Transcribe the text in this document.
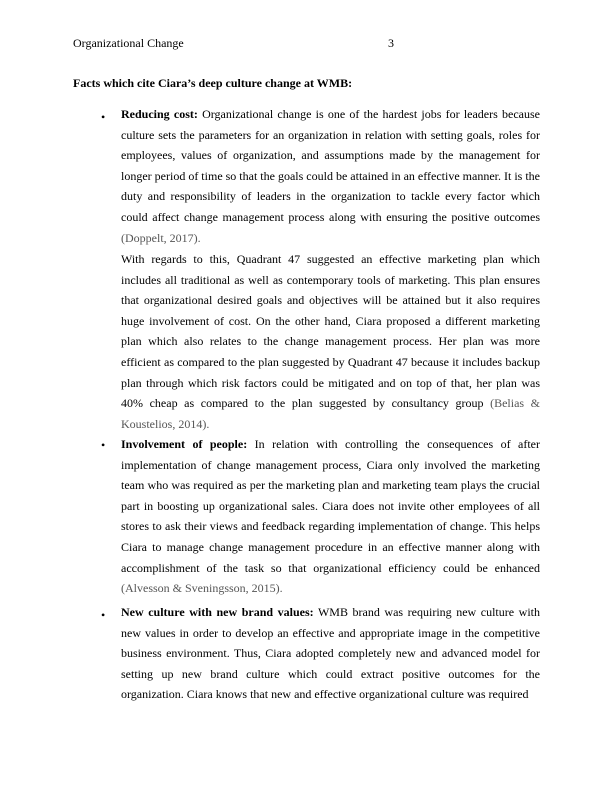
Organizational Change	3
Facts which cite Ciara’s deep culture change at WMB:
• Reducing cost: Organizational change is one of the hardest jobs for leaders because culture sets the parameters for an organization in relation with setting goals, roles for employees, values of organization, and assumptions made by the management for longer period of time so that the goals could be attained in an effective manner. It is the duty and responsibility of leaders in the organization to tackle every factor which could affect change management process along with ensuring the positive outcomes (Doppelt, 2017).
With regards to this, Quadrant 47 suggested an effective marketing plan which includes all traditional as well as contemporary tools of marketing. This plan ensures that organizational desired goals and objectives will be attained but it also requires huge involvement of cost. On the other hand, Ciara proposed a different marketing plan which also relates to the change management process. Her plan was more efficient as compared to the plan suggested by Quadrant 47 because it includes backup plan through which risk factors could be mitigated and on top of that, her plan was 40% cheap as compared to the plan suggested by consultancy group (Belias & Koustelios, 2014).
• Involvement of people: In relation with controlling the consequences of after implementation of change management process, Ciara only involved the marketing team who was required as per the marketing plan and marketing team plays the crucial part in boosting up organizational sales. Ciara does not invite other employees of all stores to ask their views and feedback regarding implementation of change. This helps Ciara to manage change management procedure in an effective manner along with accomplishment of the task so that organizational efficiency could be enhanced (Alvesson & Sveningsson, 2015).
• New culture with new brand values: WMB brand was requiring new culture with new values in order to develop an effective and appropriate image in the competitive business environment. Thus, Ciara adopted completely new and advanced model for setting up new brand culture which could extract positive outcomes for the organization. Ciara knows that new and effective organizational culture was required
